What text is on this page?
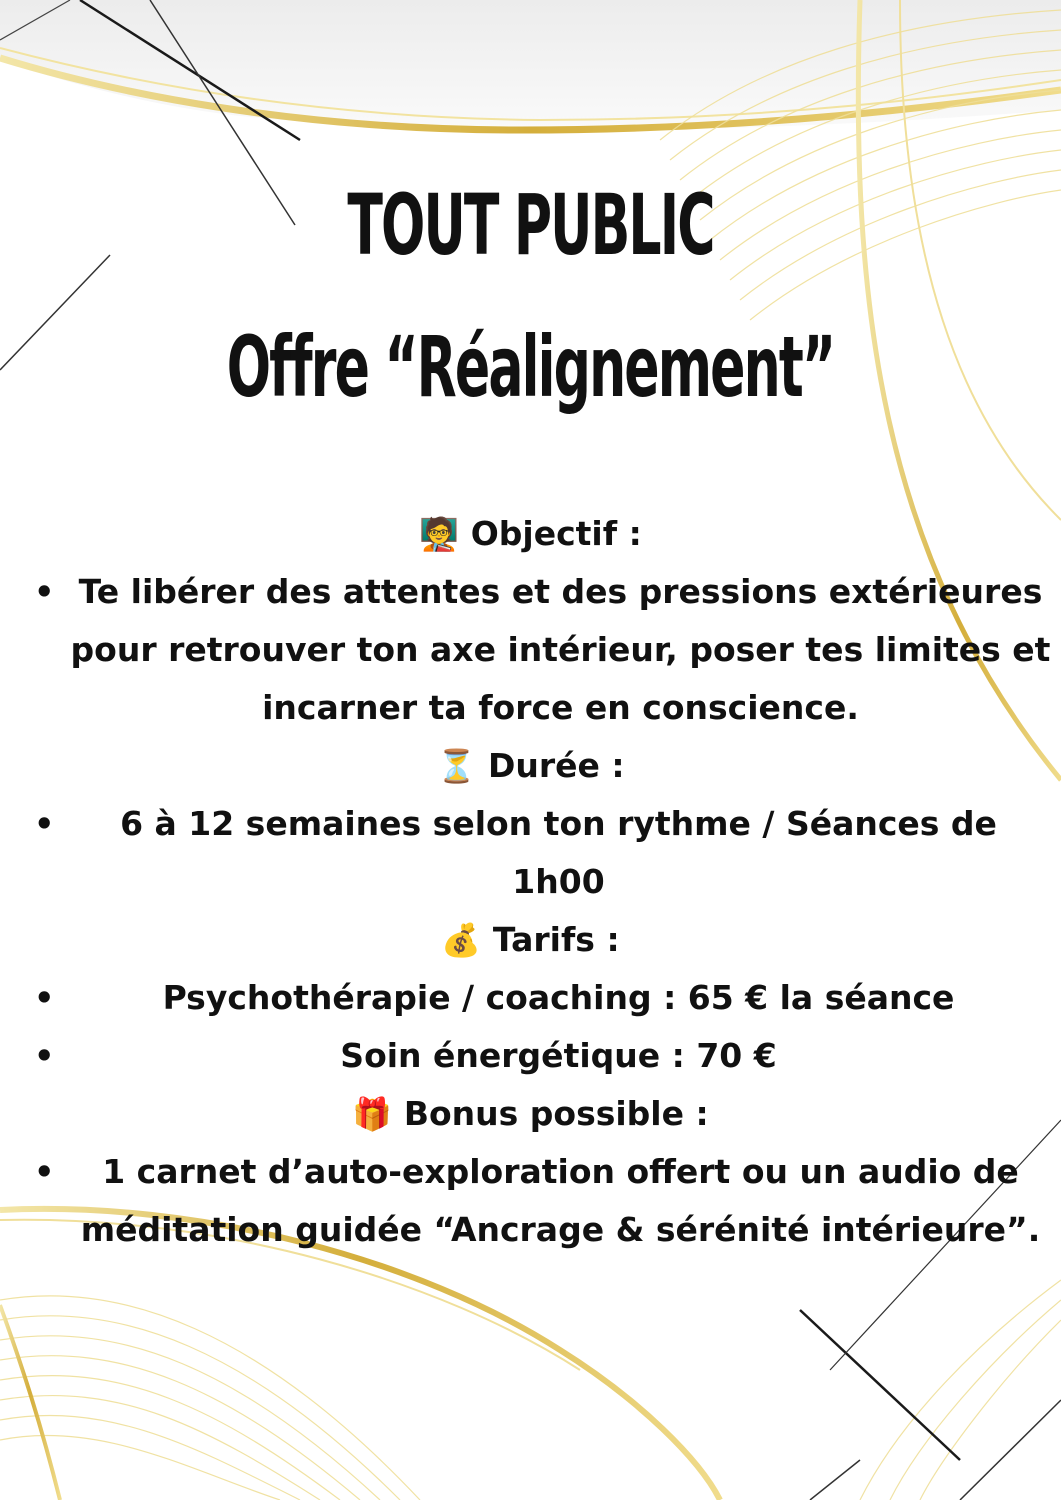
TOUT PUBLIC
Offre “Réalignement”
🧑‍🏫 Objectif :
• Te libérer des attentes et des pressions extérieures pour retrouver ton axe intérieur, poser tes limites et incarner ta force en conscience.
⏳ Durée :
• 6 à 12 semaines selon ton rythme / Séances de 1h00
💰 Tarifs :
• Psychothérapie / coaching : 65 € la séance
• Soin énergétique : 70 €
🎁 Bonus possible :
• 1 carnet d’auto-exploration offert ou un audio de méditation guidée “Ancrage & sérénité intérieure”.
